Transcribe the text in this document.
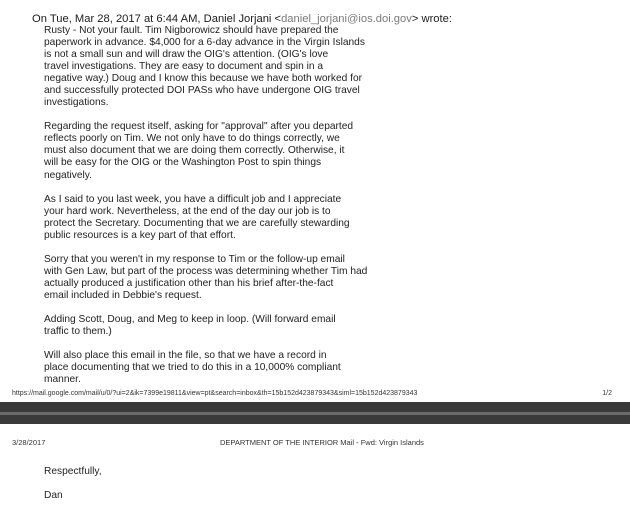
On Tue, Mar 28, 2017 at 6:44 AM, Daniel Jorjani <daniel_jorjani@ios.doi.gov> wrote:

Rusty - Not your fault. Tim Nigborowicz should have prepared the
paperwork in advance. $4,000 for a 6-day advance in the Virgin Islands
is not a small sun and will draw the OIG's attention. (OIG's love
travel investigations. They are easy to document and spin in a
negative way.) Doug and I know this because we have both worked for
and successfully protected DOI PASs who have undergone OIG travel
investigations.

Regarding the request itself, asking for "approval" after you departed
reflects poorly on Tim. We not only have to do things correctly, we
must also document that we are doing them correctly. Otherwise, it
will be easy for the OIG or the Washington Post to spin things
negatively.

As I said to you last week, you have a difficult job and I appreciate
your hard work. Nevertheless, at the end of the day our job is to
protect the Secretary. Documenting that we are carefully stewarding
public resources is a key part of that effort.

Sorry that you weren't in my response to Tim or the follow-up email
with Gen Law, but part of the process was determining whether Tim had
actually produced a justification other than his brief after-the-fact
email included in Debbie's request.

Adding Scott, Doug, and Meg to keep in loop. (Will forward email
traffic to them.)

Will also place this email in the file, so that we have a record in
place documenting that we tried to do this in a 10,000% compliant
manner.

https://mail.google.com/mail/u/0/?ui=2&ik=7399e19811&view=pt&search=inbox&th=15b152d423879343&siml=15b152d423879343	1/2
3/28/2017	DEPARTMENT OF THE INTERIOR Mail - Fwd: Virgin Islands
Respectfully,
Dan
